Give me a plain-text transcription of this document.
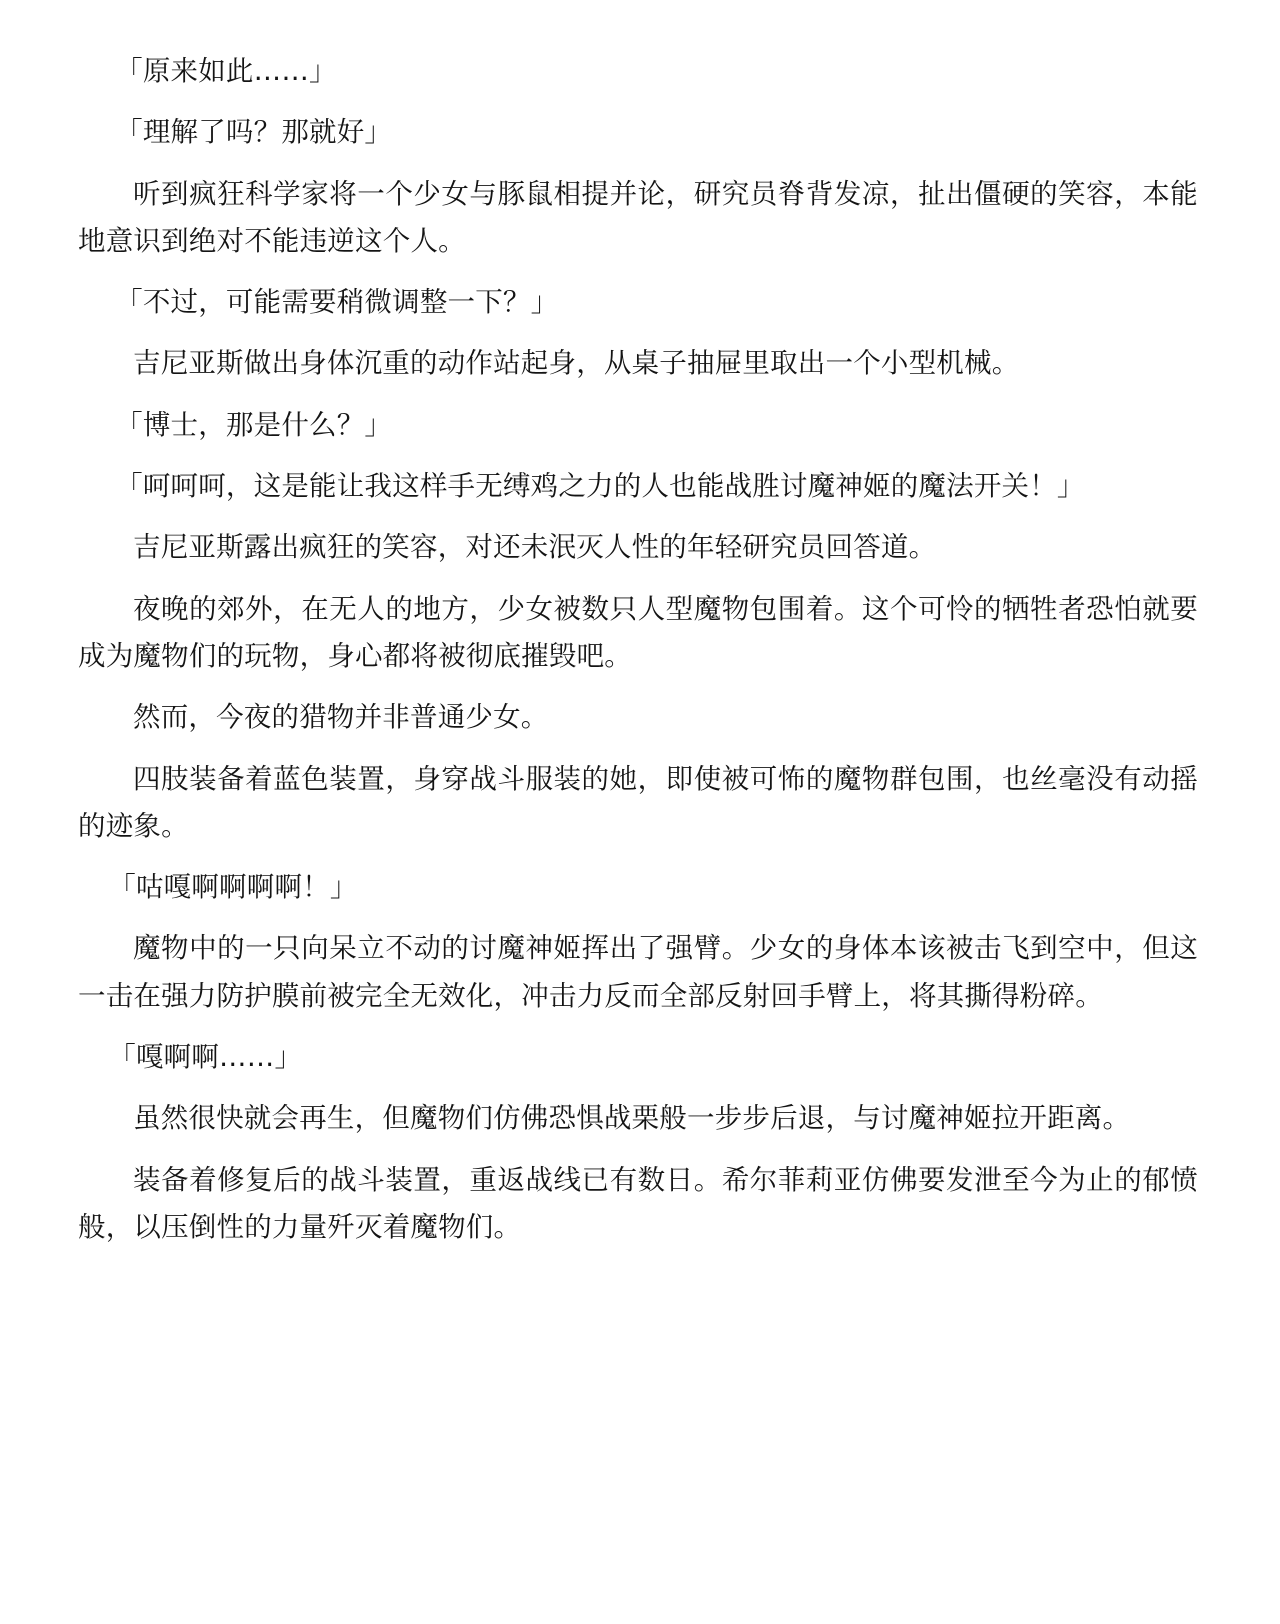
「原来如此……」

「理解了吗？那就好」

听到疯狂科学家将一个少女与豚鼠相提并论，研究员脊背发凉，扯出僵硬的笑容，本能地意识到绝对不能违逆这个人。

「不过，可能需要稍微调整一下？」

吉尼亚斯做出身体沉重的动作站起身，从桌子抽屉里取出一个小型机械。

「博士，那是什么？」

「呵呵呵，这是能让我这样手无缚鸡之力的人也能战胜讨魔神姬的魔法开关！」

吉尼亚斯露出疯狂的笑容，对还未泯灭人性的年轻研究员回答道。

夜晚的郊外，在无人的地方，少女被数只人型魔物包围着。这个可怜的牺牲者恐怕就要成为魔物们的玩物，身心都将被彻底摧毁吧。

然而，今夜的猎物并非普通少女。

四肢装备着蓝色装置，身穿战斗服装的她，即使被可怖的魔物群包围，也丝毫没有动摇的迹象。

「咕嘎啊啊啊啊！」

魔物中的一只向呆立不动的讨魔神姬挥出了强臂。少女的身体本该被击飞到空中，但这一击在强力防护膜前被完全无效化，冲击力反而全部反射回手臂上，将其撕得粉碎。

「嘎啊啊……」

虽然很快就会再生，但魔物们仿佛恐惧战栗般一步步后退，与讨魔神姬拉开距离。

装备着修复后的战斗装置，重返战线已有数日。希尔菲莉亚仿佛要发泄至今为止的郁愤般，以压倒性的力量歼灭着魔物们。
